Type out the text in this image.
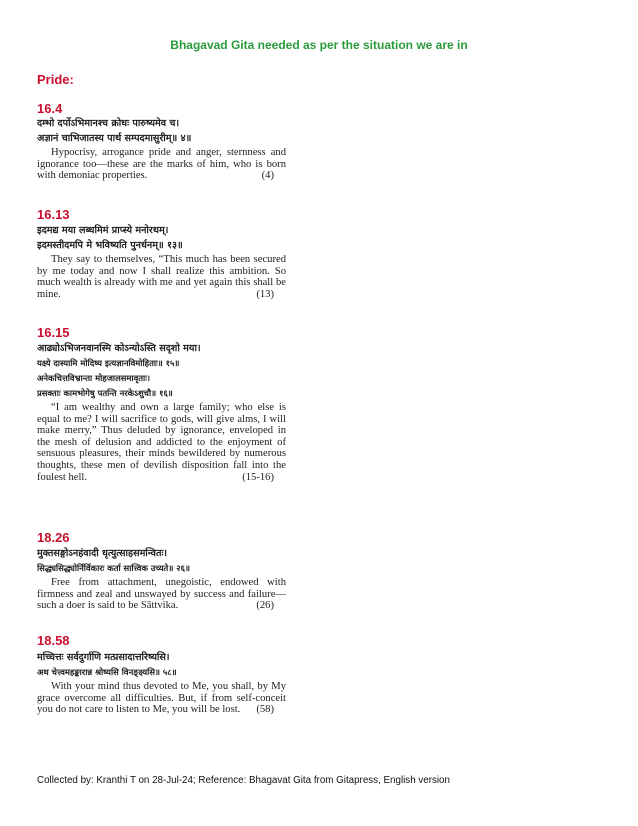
Bhagavad Gita needed as per the situation we are in
Pride:
16.4
दम्भो दर्पोऽभिमानश्च क्रोधः पारुष्यमेव च।
अज्ञानं चाभिजातस्य पार्थ सम्पदमासुरीम्॥ ४॥

Hypocrisy, arrogance pride and anger, sternness and ignorance too—these are the marks of him, who is born with demoniac properties.	(4)

16.13
इदमद्य मया लब्धमिमं प्राप्स्ये मनोरथम्।
इदमस्तीदमपि मे भविष्यति पुनर्धनम्॥ १३॥

They say to themselves, “This much has been secured by me today and now I shall realize this ambition. So much wealth is already with me and yet again this shall be mine.	(13)

16.15
आढ्योऽभिजनवानस्मि कोऽन्योऽस्ति सदृशो मया।
यक्ष्ये दास्यामि मोदिष्य इत्यज्ञानविमोहिताः॥ १५॥
अनेकचित्तविभ्रान्ता मोहजालसमावृताः।
प्रसक्ताः कामभोगेषु पतन्ति नरकेऽशुचौ॥ १६॥

“I am wealthy and own a large family; who else is equal to me? I will sacrifice to gods, will give alms, I will make merry,” Thus deluded by ignorance, enveloped in the mesh of delusion and addicted to the enjoyment of sensuous pleasures, their minds bewildered by numerous thoughts, these men of devilish disposition fall into the foulest hell.	(15-16)

18.26
मुक्तसङ्गोऽनहंवादी धृत्युत्साहसमन्वितः।
सिद्ध्यसिद्ध्योर्निर्विकारः कर्ता सात्त्विक उच्यते॥ २६॥

Free from attachment, unegoistic, endowed with firmness and zeal and unswayed by success and failure—such a doer is said to be Sāttvika.	(26)

18.58
मच्चित्तः सर्वदुर्गाणि मत्प्रसादात्तरिष्यसि।
अथ चेत्त्वमहङ्कारान्न श्रोष्यसि विनङ्क्ष्यसि॥ ५८॥

With your mind thus devoted to Me, you shall, by My grace overcome all difficulties. But, if from self-conceit you do not care to listen to Me, you will be lost.	(58)

Collected by: Kranthi T on 28-Jul-24; Reference: Bhagavat Gita from Gitapress, English version
